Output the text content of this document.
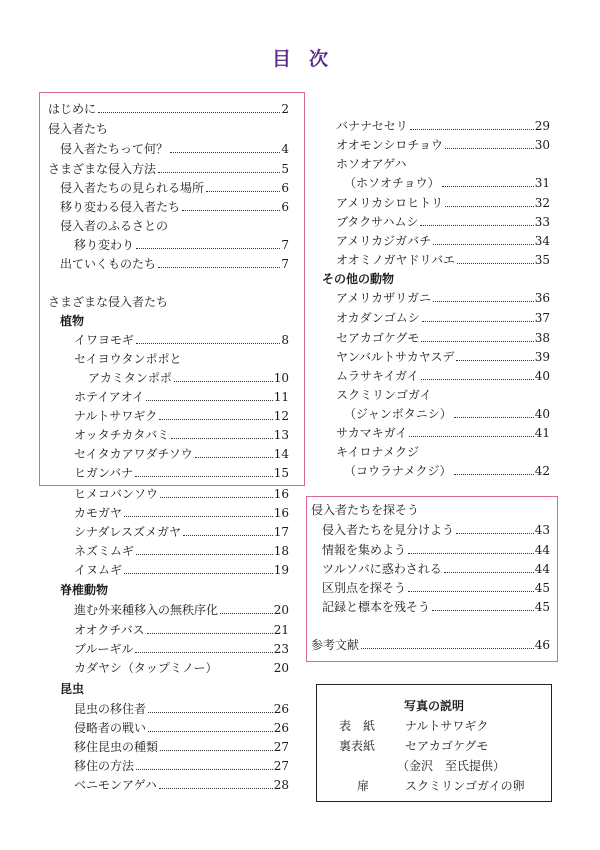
目次
はじめに	2
侵入者たち
侵入者たちって何？	4
さまざまな侵入方法	5
侵入者たちの見られる場所	6
移り変わる侵入者たち	6
侵入者のふるさとの
移り変わり	7
出ていくものたち	7
さまざまな侵入者たち
植物
イワヨモギ	8
セイヨウタンポポと
アカミタンポポ	10
ホテイアオイ	11
ナルトサワギク	12
オッタチカタバミ	13
セイタカアワダチソウ	14
ヒガンバナ	15
ヒメコバンソウ	16
カモガヤ	16
シナダレスズメガヤ	17
ネズミムギ	18
イヌムギ	19
脊椎動物
進む外来種移入の無秩序化	20
オオクチバス	21
ブルーギル	23
カダヤシ（タップミノー）	20
昆虫
昆虫の移住者	26
侵略者の戦い	26
移住昆虫の種類	27
移住の方法	27
ベニモンアゲハ	28
バナナセセリ	29
オオモンシロチョウ	30
ホソオアゲハ
（ホソオチョウ）	31
アメリカシロヒトリ	32
ブタクサハムシ	33
アメリカジガバチ	34
オオミノガヤドリバエ	35
その他の動物
アメリカザリガニ	36
オカダンゴムシ	37
セアカゴケグモ	38
ヤンバルトサカヤスデ	39
ムラサキイガイ	40
スクミリンゴガイ
（ジャンボタニシ）	40
サカマキガイ	41
キイロナメクジ
（コウラナメクジ）	42
侵入者たちを探そう
侵入者たちを見分けよう	43
情報を集めよう	44
ツルソバに惑わされる	44
区別点を探そう	45
記録と標本を残そう	45
参考文献	46
写真の説明
表　紙 ナルトサワギク
裏表紙 セアカゴケグモ
（金沢　至氏提供）
扉	スクミリンゴガイの卵
